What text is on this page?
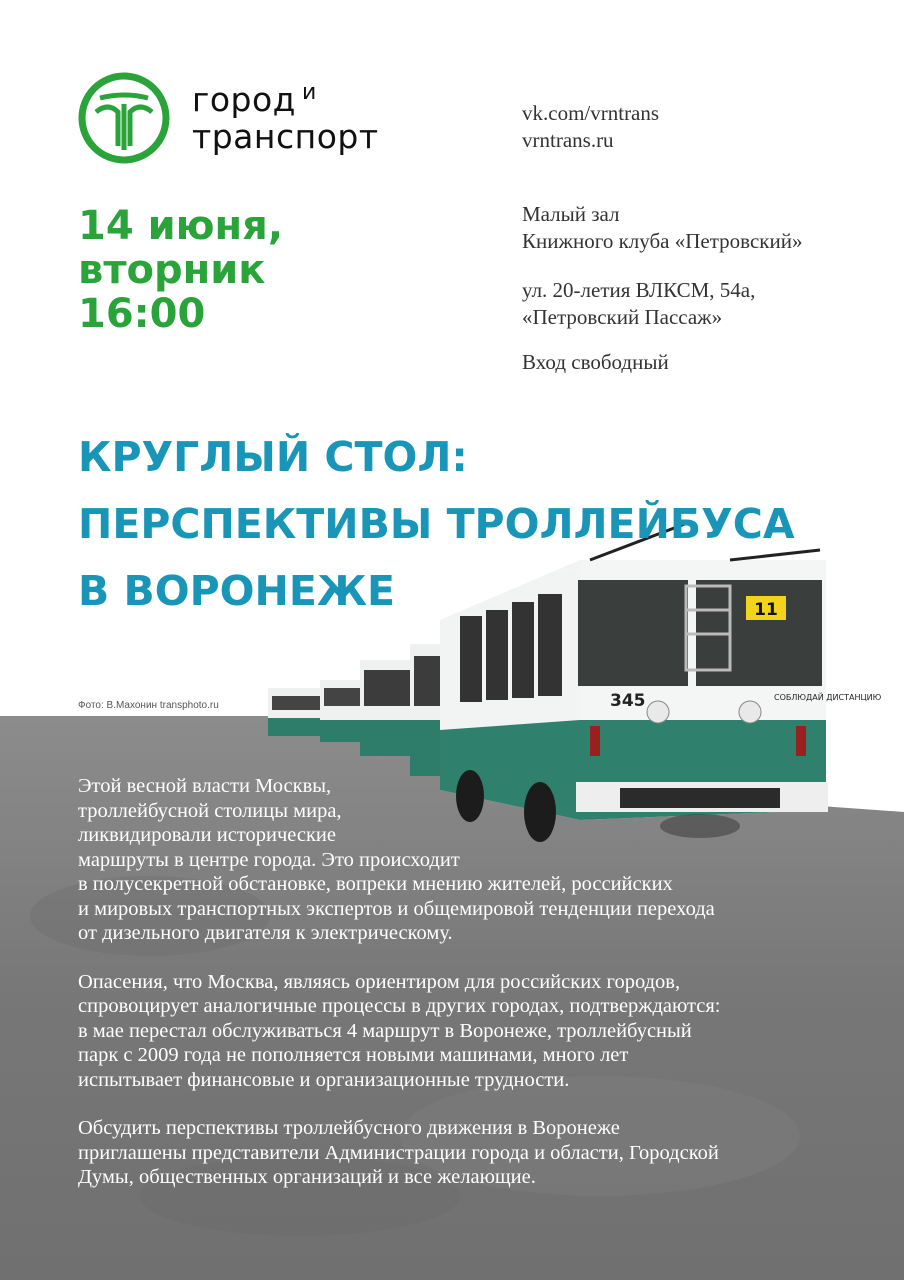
город $^и$
транспорт
vk.com/vrntrans
vrntrans.ru
Малый зал
Книжного клуба «Петровский»
ул. 20-летия ВЛКСМ, 54а,
«Петровский Пассаж»
Вход свободный
14 июня,
вторник
16:00
11
345	СОБЛЮДАЙ ДИСТАНЦИЮ
Фото: В.Махонин transphoto.ru
КРУГЛЫЙ СТОЛ:
ПЕРСПЕКТИВЫ ТРОЛЛЕЙБУСА
В ВОРОНЕЖЕ

Этой весной власти Москвы,
троллейбусной столицы мира,
ликвидировали исторические
маршруты в центре города. Это происходит
в полусекретной обстановке, вопреки мнению жителей, российских
и мировых транспортных экспертов и общемировой тенденции перехода
от дизельного двигателя к электрическому.

Опасения, что Москва, являясь ориентиром для российских городов,
спровоцирует аналогичные процессы в других городах, подтверждаются:
в мае перестал обслуживаться 4 маршрут в Воронеже, троллейбусный
парк с 2009 года не пополняется новыми машинами, много лет
испытывает финансовые и организационные трудности.

Обсудить перспективы троллейбусного движения в Воронеже
приглашены представители Администрации города и области, Городской
Думы, общественных организаций и все желающие.
